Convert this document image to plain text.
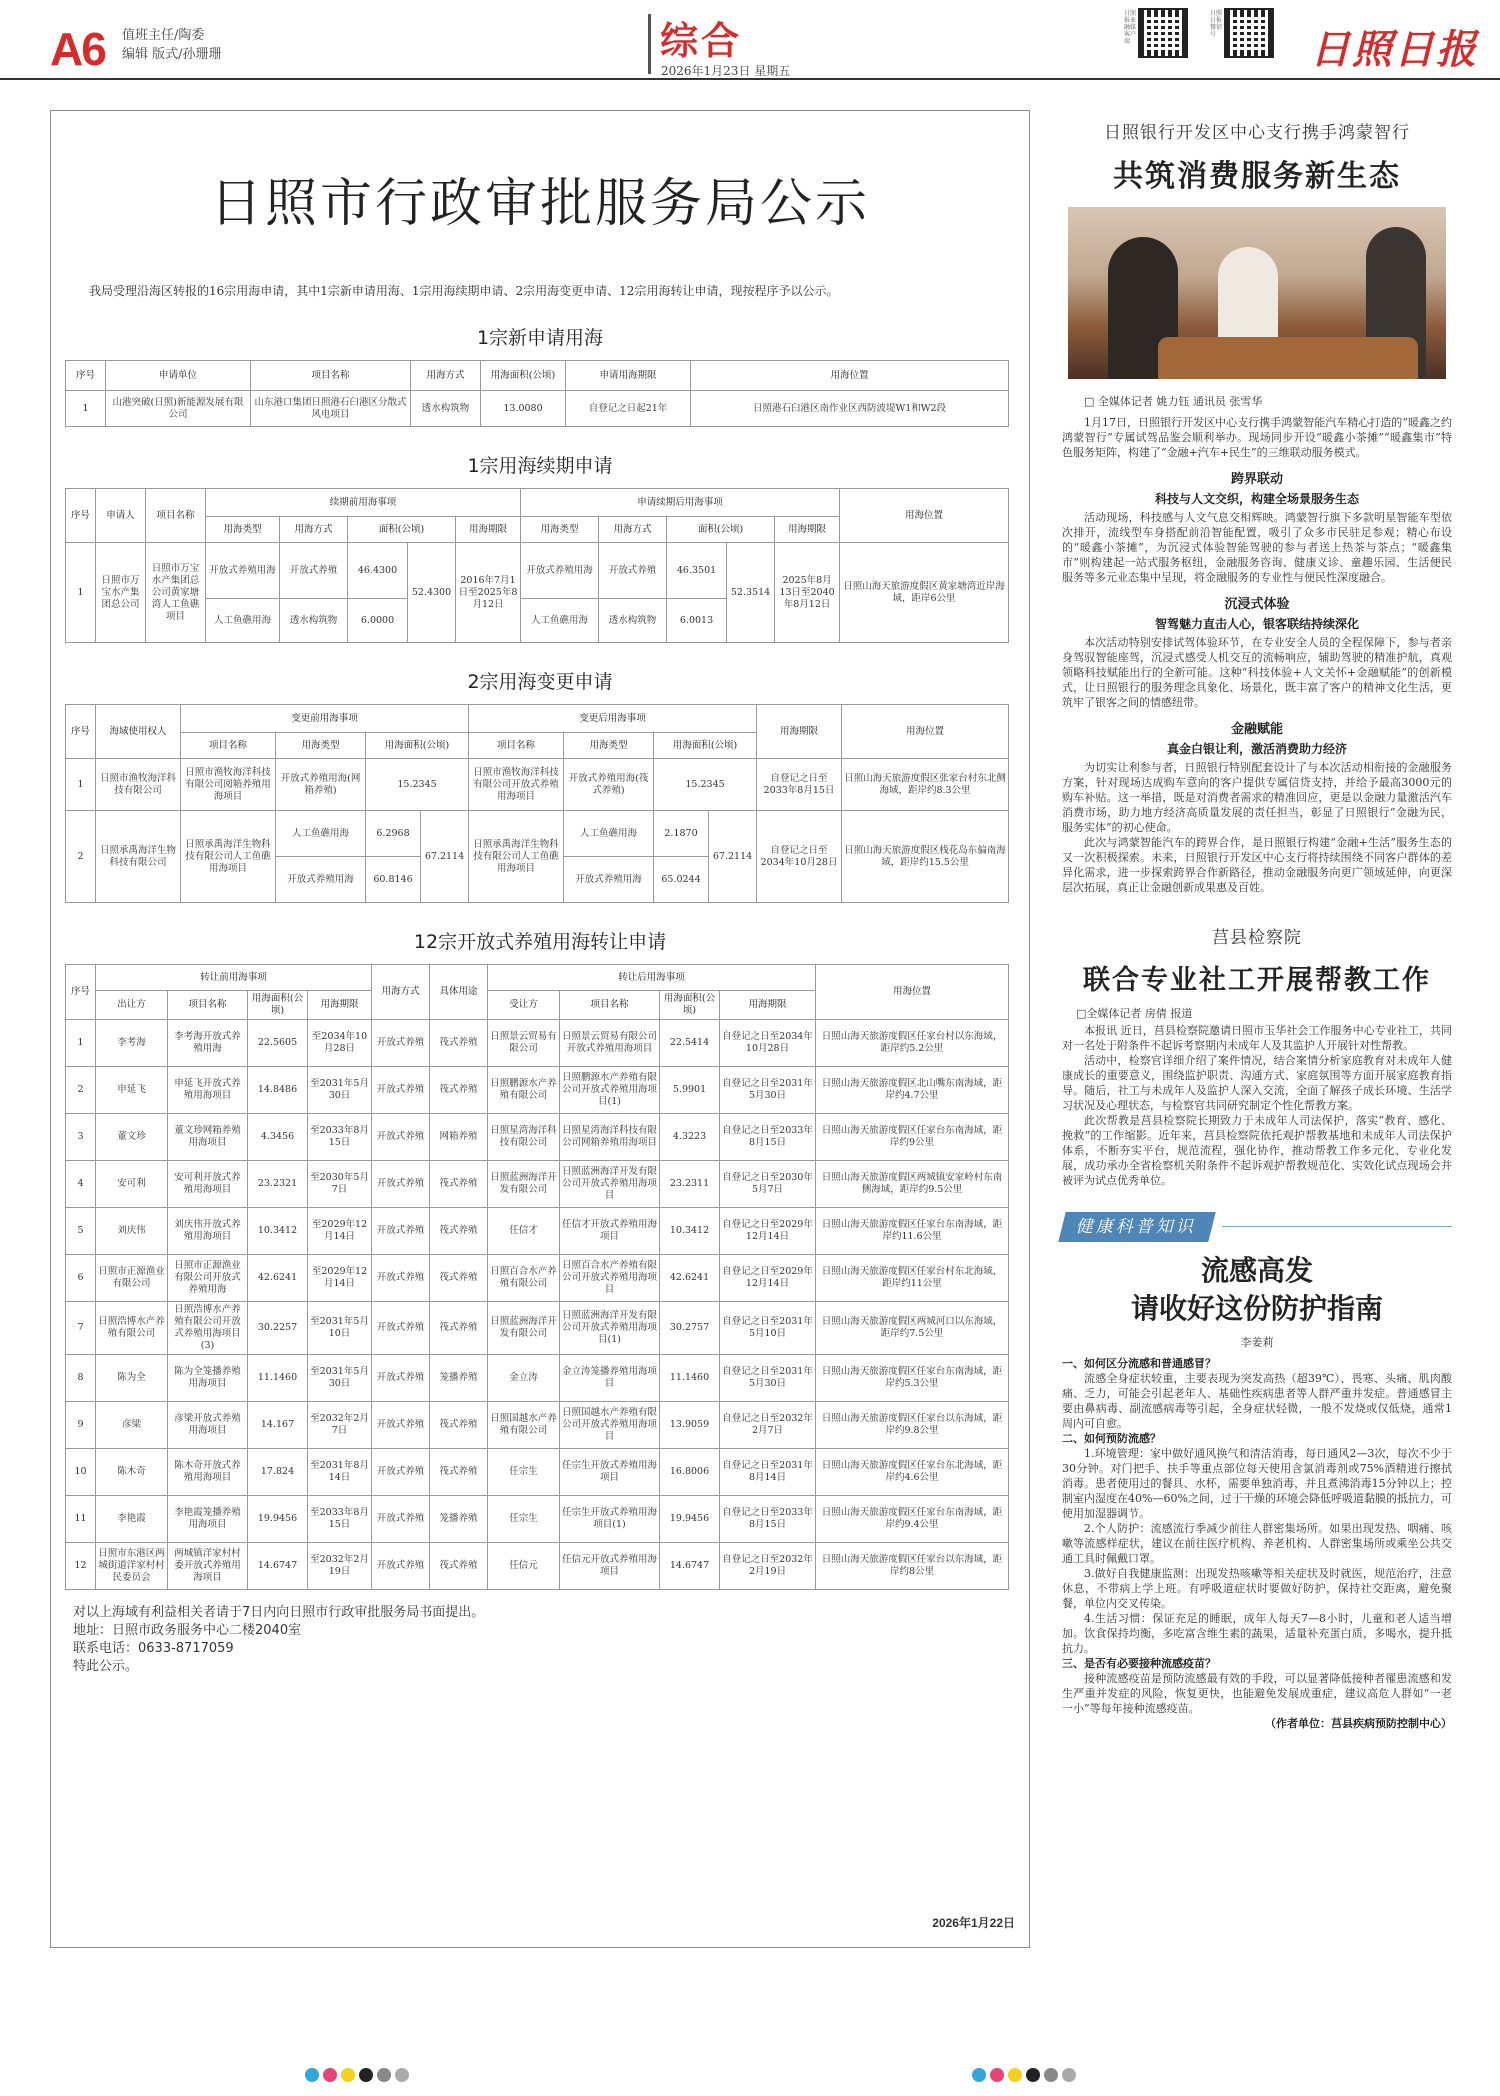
A6 值班主任/陶委
编辑 版式/孙珊珊	综合
2026年1月23日 星期五
日照报业融媒客户端
日照日报微信号 日照日报
日照市行政审批服务局公示
我局受理沿海区转报的16宗用海申请，其中1宗新申请用海、1宗用海续期申请、2宗用海变更申请、12宗用海转让申请，现按程序予以公示。
1宗新申请用海
序号	申请单位	项目名称	用海方式	用海面积(公顷)	申请用海期限	用海位置
1	山港突破(日照)新能源发展有限公司	山东港口集团日照港石臼港区分散式风电项目	透水构筑物	13.0080	自登记之日起21年	日照港石臼港区南作业区西防波堤W1和W2段
1宗用海续期申请
序号	申请人	项目名称	续期前用海事项					申请续期后用海事项					用海位置
			用海类型	用海方式	面积(公顷)		用海期限	用海类型	用海方式	面积(公顷)		用海期限	
1	日照市万宝水产集团总公司	日照市万宝水产集团总公司黄家塘湾人工鱼礁项目	开放式养殖用海	开放式养殖	46.4300	52.4300	2016年7月1日至2025年8月12日	开放式养殖用海	开放式养殖	46.3501	52.3514	2025年8月13日至2040年8月12日	日照山海天旅游度假区黄家塘湾近岸海域，距岸6公里
			人工鱼礁用海	透水构筑物	6.0000			人工鱼礁用海	透水构筑物	6.0013			
2宗用海变更申请
序号	海域使用权人	变更前用海事项				变更后用海事项				用海期限	用海位置
		项目名称	用海类型	用海面积(公顷)		项目名称	用海类型	用海面积(公顷)			
1	日照市渔牧海洋科技有限公司	日照市渔牧海洋科技有限公司阅箱养殖用海项目	开放式养殖用海(网箱养殖)	15.2345		日照市渔牧海洋科技有限公司开放式养殖用海项目	开放式养殖用海(筏式养殖)	15.2345		自登记之日至2033年8月15日	日照山海天旅游度假区张家台村东北侧海域，距岸约8.3公里
2	日照承禹海洋生物科技有限公司	日照承禹海洋生物科技有限公司人工鱼礁用海项目	人工鱼礁用海	6.2968	67.2114	日照承禹海洋生物科技有限公司人工鱼礁用海项目	人工鱼礁用海	2.1870	67.2114	自登记之日至2034年10月28日	日照山海天旅游度假区栈花岛东偏南海域，距岸约15.5公里
			开放式养殖用海	60.8146			开放式养殖用海	65.0244			
12宗开放式养殖用海转让申请
序号	转让前用海事项				用海方式	具体用途	转让后用海事项				用海位置
	出让方	项目名称	用海面积(公顷)	用海期限			受让方	项目名称	用海面积(公顷)	用海期限	
1	李考海	李考海开放式养殖用海	22.5605	至2034年10月28日	开放式养殖	筏式养殖	日照景云贸易有限公司	日照景云贸易有限公司开放式养殖用海项目	22.5414	自登记之日至2034年10月28日	日照山海天旅游度假区任家台村以东海域，距岸约5.2公里
2	申延飞	申延飞开放式养殖用海项目	14.8486	至2031年5月30日	开放式养殖	筏式养殖	日照鹏源水产养殖有限公司	日照鹏源水产养殖有限公司开放式养殖用海项目(1)	5.9901	自登记之日至2031年5月30日	日照山海天旅游度假区北山嘴东南海域，距岸约4.7公里
3	董文珍	董文珍网箱养殖用海项目	4.3456	至2033年8月15日	开放式养殖	网箱养殖	日照星湾海洋科技有限公司	日照星湾海洋科技有限公司网箱养殖用海项目	4.3223	自登记之日至2033年8月15日	日照山海天旅游度假区任家台东南海域，距岸约9公里
4	安可利	安可利开放式养殖用海项目	23.2321	至2030年5月7日	开放式养殖	筏式养殖	日照蓝洲海洋开发有限公司	日照蓝洲海洋开发有限公司开放式养殖用海项目	23.2311	自登记之日至2030年5月7日	日照山海天旅游度假区两城镇安家岭村东南侧海域，距岸约9.5公里
5	刘庆伟	刘庆伟开放式养殖用海项目	10.3412	至2029年12月14日	开放式养殖	筏式养殖	任信才	任信才开放式养殖用海项目	10.3412	自登记之日至2029年12月14日	日照山海天旅游度假区任家台东南海域，距岸约11.6公里
6	日照市正源渔业有限公司	日照市正源渔业有限公司开放式养殖用海	42.6241	至2029年12月14日	开放式养殖	筏式养殖	日照百合水产养殖有限公司	日照百合水产养殖有限公司开放式养殖用海项目	42.6241	自登记之日至2029年12月14日	日照山海天旅游度假区任家台村东北海域，距岸约11公里
7	日照浩博水产养殖有限公司	日照浩博水产养殖有限公司开放式养殖用海项目(3)	30.2257	至2031年5月10日	开放式养殖	筏式养殖	日照蓝洲海洋开发有限公司	日照蓝洲海洋开发有限公司开放式养殖用海项目(1)	30.2757	自登记之日至2031年5月10日	日照山海天旅游度假区两城河口以东海域，距岸约7.5公里
8	陈为全	陈为全笼播养殖用海项目	11.1460	至2031年5月30日	开放式养殖	笼播养殖	金立涛	金立涛笼播养殖用海项目	11.1460	自登记之日至2031年5月30日	日照山海天旅游度假区任家台东南海域，距岸约5.3公里
9	彦梁	彦梁开放式养殖用海项目	14.167	至2032年2月7日	开放式养殖	筏式养殖	日照国越水产养殖有限公司	日照国越水产养殖有限公司开放式养殖用海项目	13.9059	自登记之日至2032年2月7日	日照山海天旅游度假区任家台以东海域，距岸约9.8公里
10	陈木奇	陈木奇开放式养殖用海项目	17.824	至2031年8月14日	开放式养殖	筏式养殖	任宗生	任宗生开放式养殖用海项目	16.8006	自登记之日至2031年8月14日	日照山海天旅游度假区任家台东北海域，距岸约4.6公里
11	李艳霞	李艳霞笼播养殖用海项目	19.9456	至2033年8月15日	开放式养殖	笼播养殖	任宗生	任宗生开放式养殖用海项目(1)	19.9456	自登记之日至2033年8月15日	日照山海天旅游度假区任家台东南海域，距岸约9.4公里
12	日照市东港区两城街道洋家村村民委员会	两城镇洋家村村委开放式养殖用海项目	14.6747	至2032年2月19日	开放式养殖	筏式养殖	任信元	任信元开放式养殖用海项目	14.6747	自登记之日至2032年2月19日	日照山海天旅游度假区任家台以东海域，距岸约8公里
对以上海域有利益相关者请于7日内向日照市行政审批服务局书面提出。
地址：日照市政务服务中心二楼2040室
联系电话：0633-8717059
特此公示。
2026年1月22日
日照银行开发区中心支行携手鸿蒙智行
共筑消费服务新生态
□ 全媒体记者 姚力钰 通讯员 张雪华

1月17日，日照银行开发区中心支行携手鸿蒙智能汽车精心打造的“暖鑫之约 鸿蒙智行”专属试驾品鉴会顺利举办。现场同步开设“暖鑫小茶摊”“暖鑫集市”特色服务矩阵，构建了“金融+汽车+民生”的三维联动服务模式。

跨界联动
科技与人文交织，构建全场景服务生态

活动现场，科技感与人文气息交相辉映。鸿蒙智行旗下多款明星智能车型依次排开，流线型车身搭配前沿智能配置，吸引了众多市民驻足参观；精心布设的“暖鑫小茶摊”，为沉浸式体验智能驾驶的参与者送上热茶与茶点；“暖鑫集市”则构建起一站式服务枢纽，金融服务咨询、健康义诊、童趣乐园、生活便民服务等多元业态集中呈现，将金融服务的专业性与便民性深度融合。

沉浸式体验
智驾魅力直击人心，银客联结持续深化

本次活动特别安排试驾体验环节，在专业安全人员的全程保障下，参与者亲身驾驭智能座驾，沉浸式感受人机交互的流畅响应，辅助驾驶的精准护航，真观领略科技赋能出行的全新可能。这种“科技体验+人文关怀+金融赋能”的创新模式，让日照银行的服务理念具象化、场景化，既丰富了客户的精神文化生活，更筑牢了银客之间的情感纽带。

金融赋能
真金白银让利，激活消费助力经济

为切实让利参与者，日照银行特别配套设计了与本次活动相衔接的金融服务方案，针对现场达成购车意向的客户提供专属信贷支持，并给予最高3000元的购车补贴。这一举措，既是对消费者需求的精准回应，更是以金融力量激活汽车消费市场，助力地方经济高质量发展的责任担当，彰显了日照银行“金融为民，服务实体”的初心使命。

此次与鸿蒙智能汽车的跨界合作，是日照银行构建“金融+生活”服务生态的又一次积极探索。未来，日照银行开发区中心支行将持续围绕不同客户群体的差异化需求，进一步探索跨界合作新路径，推动金融服务向更广领域延伸，向更深层次拓展，真正让金融创新成果惠及百姓。

莒县检察院
联合专业社工开展帮教工作
□全媒体记者 房倩 报道

本报讯 近日，莒县检察院邀请日照市玉华社会工作服务中心专业社工，共同对一名处于附条件不起诉考察期内未成年人及其监护人开展针对性帮教。

活动中，检察官详细介绍了案件情况，结合案情分析家庭教育对未成年人健康成长的重要意义，围绕监护职责、沟通方式、家庭氛围等方面开展家庭教育指导。随后，社工与未成年人及监护人深入交流，全面了解孩子成长环境、生活学习状况及心理状态，与检察官共同研究制定个性化帮教方案。

此次帮教是莒县检察院长期致力于未成年人司法保护，落实“教育、感化、挽救”的工作缩影。近年来，莒县检察院依托观护帮教基地和未成年人司法保护体系，不断夯实平台，规范流程，强化协作，推动帮教工作多元化、专业化发展，成功承办全省检察机关附条件不起诉观护帮教规范化、实效化试点现场会并被评为试点优秀单位。

健康科普知识
流感高发
请收好这份防护指南
李姜莉
一、如何区分流感和普通感冒？

流感全身症状较重，主要表现为突发高热（超39℃）、畏寒、头痛、肌肉酸痛、乏力，可能会引起老年人、基础性疾病患者等人群严重并发症。普通感冒主要由鼻病毒、副流感病毒等引起，全身症状轻微，一般不发烧或仅低烧，通常1周内可自愈。

二、如何预防流感？

1.环境管理：家中做好通风换气和清洁消毒，每日通风2—3次，每次不少于30分钟。对门把手、扶手等重点部位每天使用含氯消毒剂或75%酒精进行擦拭消毒。患者使用过的餐具、水杯，需要单独消毒，并且煮沸消毒15分钟以上；控制室内湿度在40%—60%之间，过于干燥的环境会降低呼吸道黏膜的抵抗力，可使用加湿器调节。

2.个人防护：流感流行季减少前往人群密集场所。如果出现发热、咽痛、咳嗽等流感样症状，建议在前往医疗机构、养老机构、人群密集场所或乘坐公共交通工具时佩戴口罩。

3.做好自我健康监测：出现发热咳嗽等相关症状及时就医，规范治疗，注意休息，不带病上学上班。有呼吸道症状时要做好防护，保持社交距离，避免聚餐，单位内交叉传染。

4.生活习惯：保证充足的睡眠，成年人每天7—8小时，儿童和老人适当增加。饮食保持均衡，多吃富含维生素的蔬果，适量补充蛋白质，多喝水，提升抵抗力。

三、是否有必要接种流感疫苗？

接种流感疫苗是预防流感最有效的手段，可以显著降低接种者罹患流感和发生严重并发症的风险，恢复更快，也能避免发展成重症，建议高危人群如“一老一小”等每年接种流感疫苗。

（作者单位：莒县疾病预防控制中心）
